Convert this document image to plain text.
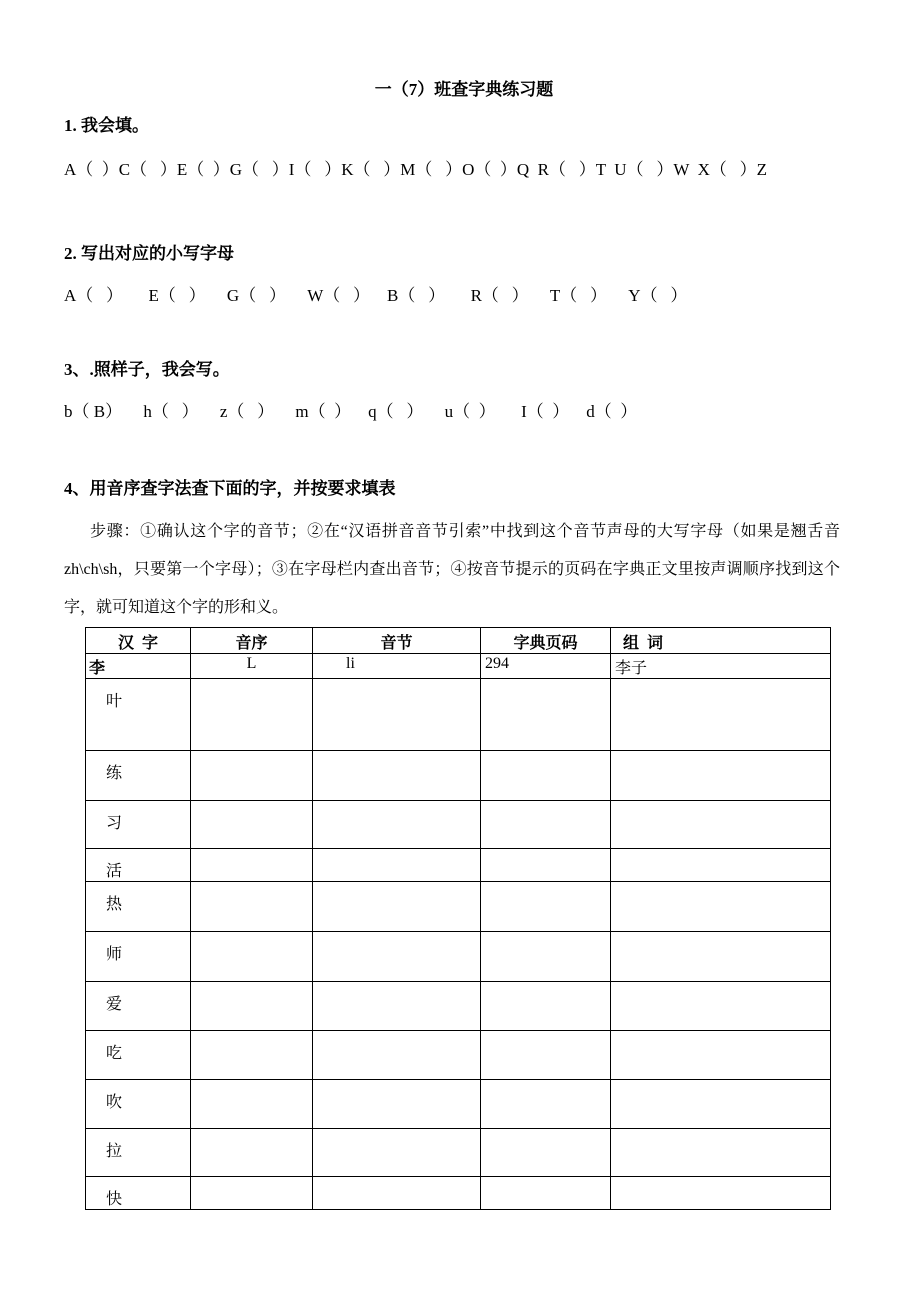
一（7）班查字典练习题
1. 我会填。
A（  ）C（   ）E（  ）G（   ）I（   ）K（   ）M（   ）O（  ）Q  R（   ）T  U（   ）W  X（   ）Z
2. 写出对应的小写字母
A（   ）      E（   ）     G（   ）     W（   ）    B（   ）      R（   ）     T（   ）     Y（   ）
3、.照样子，我会写。
b（ B）     h（   ）     z（   ）     m（  ）    q（   ）     u（  ）      I（  ）    d（  ）
4、用音序查字法查下面的字，并按要求填表
步骤：①确认这个字的音节；②在“汉语拼音音节引索”中找到这个音节声母的大写字母（如果是翘舌音 zh\ch\sh，只要第一个字母）；③在字母栏内查出音节；④按音节提示的页码在字典正文里按声调顺序找到这个字，就可知道这个字的形和义。
汉  字	音序	音节	字典页码	组  词
李	L	li	294	李子
叶				
练				
习				
活				
热				
师				
爱				
吃				
吹				
拉				
快				
